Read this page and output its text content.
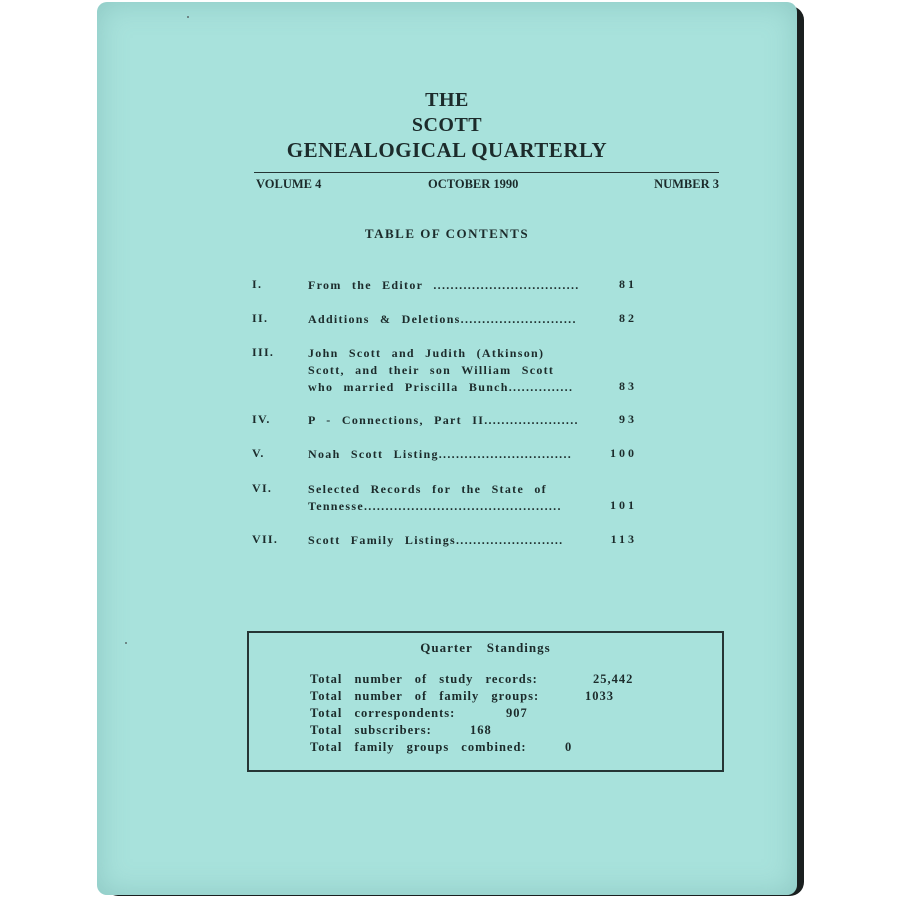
THE
SCOTT
GENEALOGICAL QUARTERLY
VOLUME 4	OCTOBER 1990	NUMBER 3
TABLE OF CONTENTS
I.	From the Editor ..................................	81
II.	Additions & Deletions...........................	82
III.	John Scott and Judith (Atkinson) Scott, and their son William Scott who married Priscilla Bunch...............	83
IV.	P - Connections, Part II......................	93
V.	Noah Scott Listing...............................	100
VI.	Selected Records for the State of Tennesse..............................................	101
VII. Scott Family Listings.........................	113
Quarter Standings
Total number of study records:	25,442
Total number of family groups:	1033
Total correspondents:	907
Total subscribers:	168
Total family groups combined:	0
